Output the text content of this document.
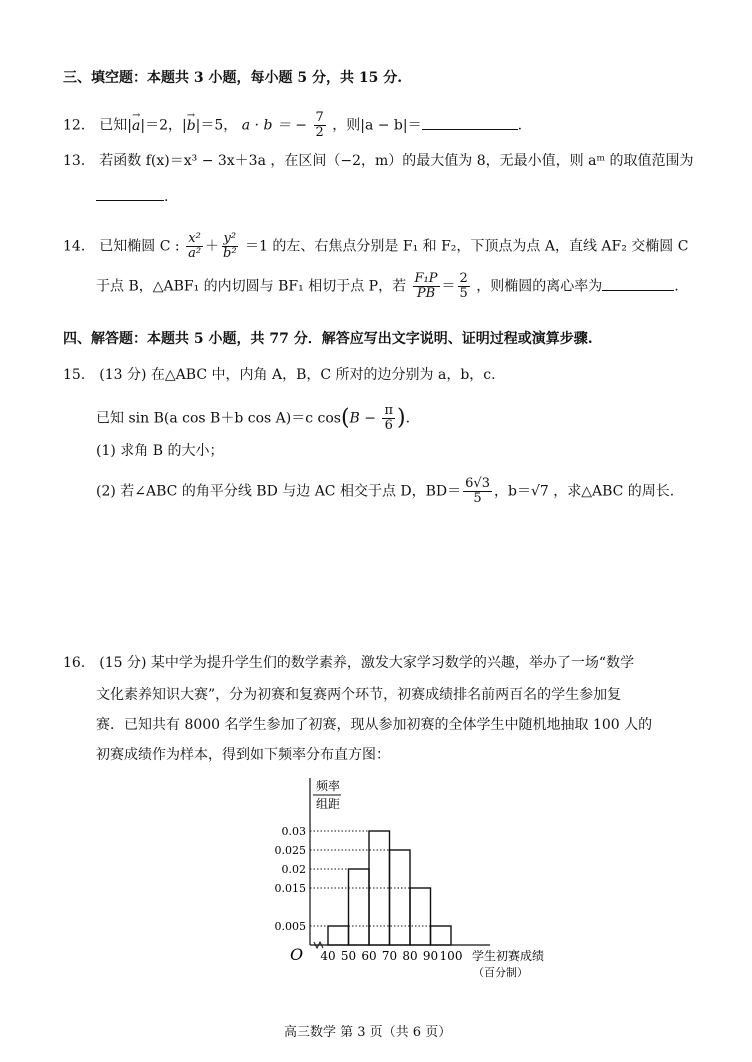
三、填空题：本题共 3 小题，每小题 5 分，共 15 分.
12． 已知|→ a|＝2，|→ b|＝5， a · b ＝ − $\frac{7}{2}$ ，则|a − b|＝	.
13． 若函数 f(x)＝x³ − 3x＋3a ，在区间（−2，m）的最大值为 8，无最小值，则 aᵐ 的取值范围为
.
14． 已知椭圆 C : $\frac{\text{x²}}{\text{a²}} + \frac{\text{y²}}{\text{b²}} =1$ 的左、右焦点分别是 F₁ 和 F₂，下顶点为点 A，直线 AF₂ 交椭圆 C
于点 B，△ABF₁ 的内切圆与 BF₁ 相切于点 P，若 $\frac{\text{F₁P}}{PB} = \frac{2}{5}$ ，则椭圆的离心率为	.
四、解答题：本题共 5 小题，共 77 分．解答应写出文字说明、证明过程或演算步骤.
15． (13 分) 在△ABC 中，内角 A，B，C 所对的边分别为 a，b，c.
已知 sin B(a cos B＋b cos A)＝c $\cos(B - \frac{\pi}{6}$ ).
(1) 求角 B 的大小；
(2) 若∠ABC 的角平分线 BD 与边 AC 相交于点 D，$BD= \frac{6√3}{5}$ ，b＝√7 ，求△ABC 的周长.
16． (15 分) 某中学为提升学生们的数学素养，激发大家学习数学的兴趣，举办了一场“数学
文化素养知识大赛”，分为初赛和复赛两个环节，初赛成绩排名前两百名的学生参加复
赛．已知共有 8000 名学生参加了初赛，现从参加初赛的全体学生中随机地抽取 100 人的
初赛成绩作为样本，得到如下频率分布直方图：
频率
组距
O	学生初赛成绩
（百分制）
0.005
0.015
0.02
0.025
0.03
40 50 60 70 80 90 100
高三数学 第 3 页（共 6 页）
